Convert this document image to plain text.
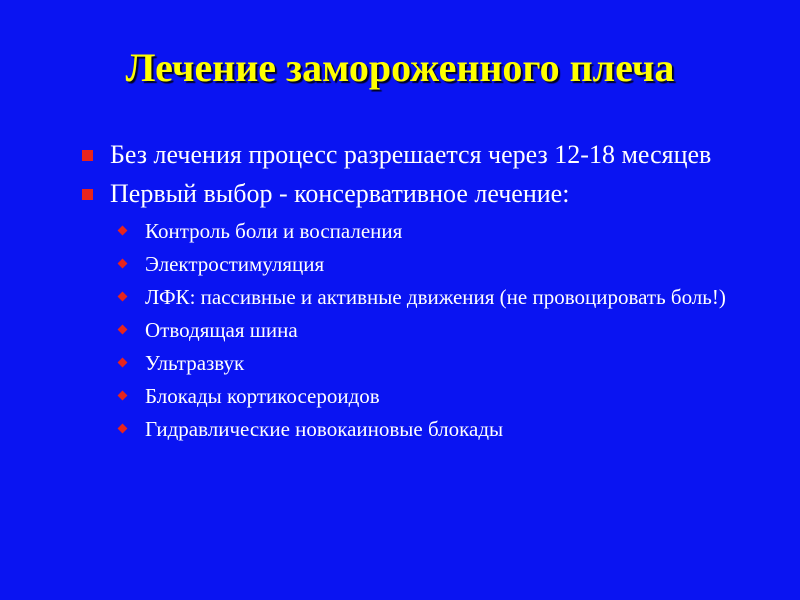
Лечение замороженного плеча
Без лечения процесс разрешается через 12-18 месяцев
Первый выбор - консервативное лечение:
Контроль боли и воспаления
Электростимуляция
ЛФК: пассивные и активные движения (не провоцировать боль!)
Отводящая шина
Ультразвук
Блокады кортикосероидов
Гидравлические новокаиновые блокады
